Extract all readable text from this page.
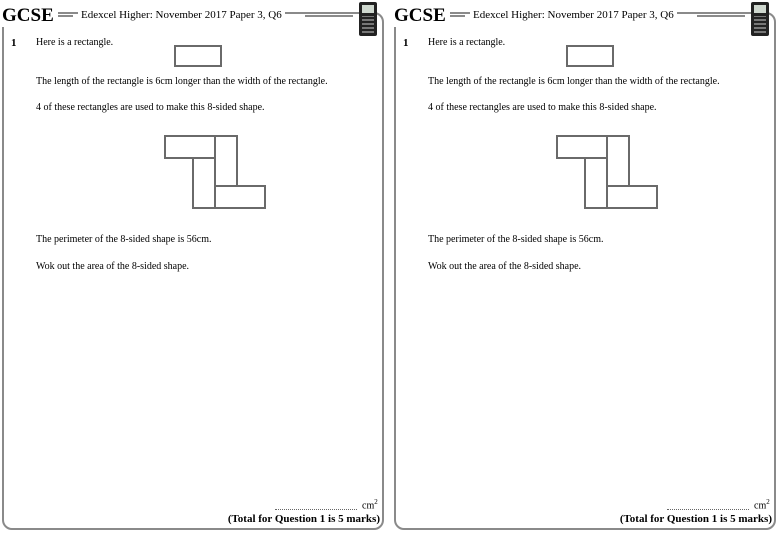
GCSE	Edexcel Higher: November 2017 Paper 3, Q6
1 Here is a rectangle.
The length of the rectangle is 6cm longer than the width of the rectangle.
4 of these rectangles are used to make this 8-sided shape.
The perimeter of the 8-sided shape is 56cm.
Wok out the area of the 8-sided shape.
$cm^2$
(Total for Question 1 is 5 marks)
GCSE	Edexcel Higher: November 2017 Paper 3, Q6
1 Here is a rectangle.
The length of the rectangle is 6cm longer than the width of the rectangle.
4 of these rectangles are used to make this 8-sided shape.
The perimeter of the 8-sided shape is 56cm.
Wok out the area of the 8-sided shape.
$cm^2$
(Total for Question 1 is 5 marks)
